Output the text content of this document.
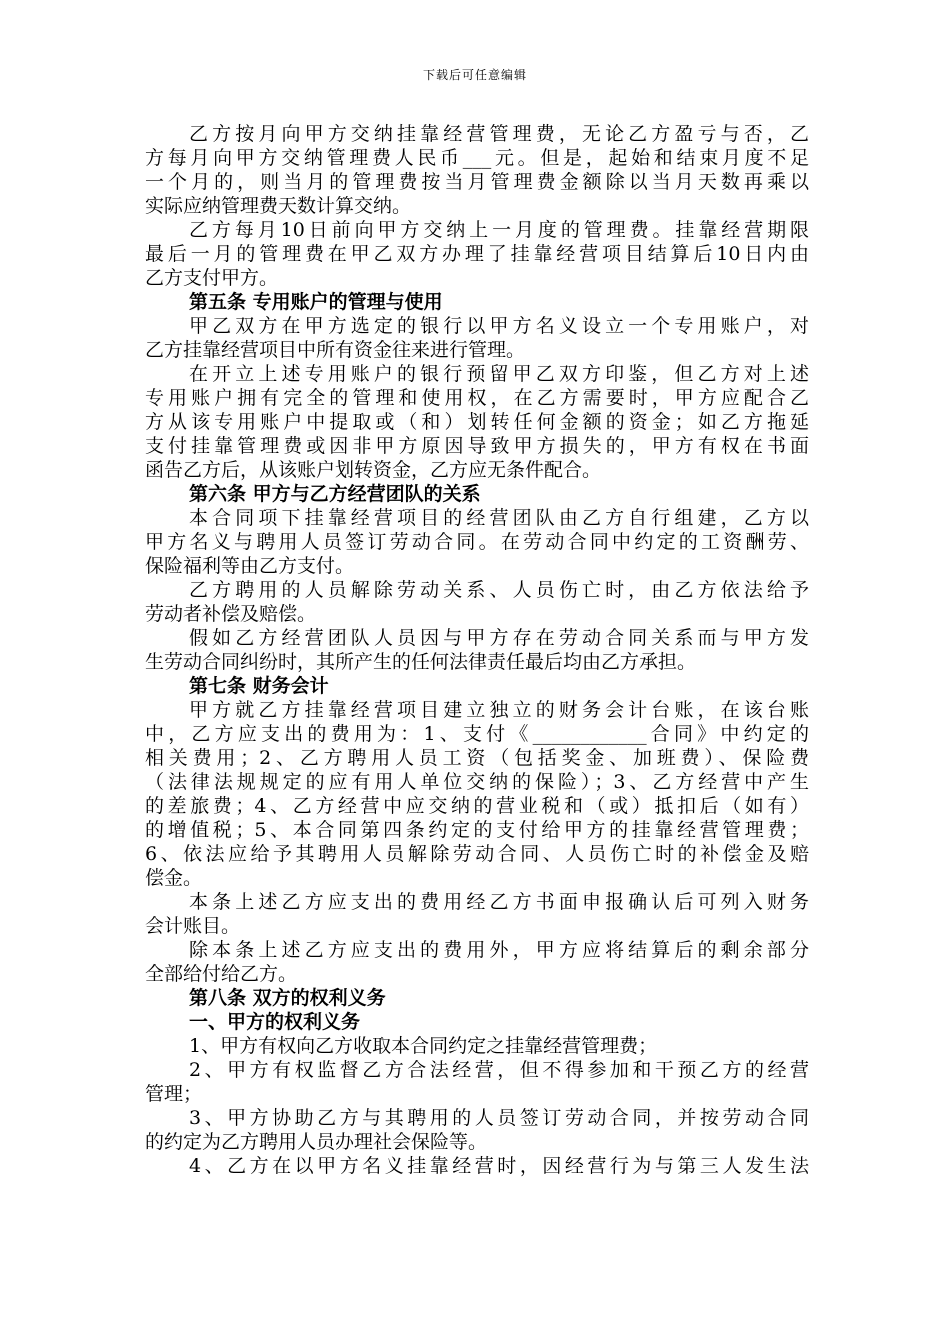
下载后可任意编辑
乙方按月向甲方交纳挂靠经营管理费，无论乙方盈亏与否，乙
方每月向甲方交纳管理费人民币___元。但是，起始和结束月度不足
一个月的，则当月的管理费按当月管理费金额除以当月天数再乘以
实际应纳管理费天数计算交纳。
乙方每月10日前向甲方交纳上一月度的管理费。挂靠经营期限
最后一月的管理费在甲乙双方办理了挂靠经营项目结算后10日内由
乙方支付甲方。
第五条 专用账户的管理与使用
甲乙双方在甲方选定的银行以甲方名义设立一个专用账户，对
乙方挂靠经营项目中所有资金往来进行管理。
在开立上述专用账户的银行预留甲乙双方印鉴，但乙方对上述
专用账户拥有完全的管理和使用权，在乙方需要时，甲方应配合乙
方从该专用账户中提取或（和）划转任何金额的资金；如乙方拖延
支付挂靠管理费或因非甲方原因导致甲方损失的，甲方有权在书面
函告乙方后，从该账户划转资金，乙方应无条件配合。
第六条 甲方与乙方经营团队的关系
本合同项下挂靠经营项目的经营团队由乙方自行组建，乙方以
甲方名义与聘用人员签订劳动合同。在劳动合同中约定的工资酬劳、
保险福利等由乙方支付。
乙方聘用的人员解除劳动关系、人员伤亡时，由乙方依法给予
劳动者补偿及赔偿。
假如乙方经营团队人员因与甲方存在劳动合同关系而与甲方发
生劳动合同纠纷时，其所产生的任何法律责任最后均由乙方承担。
第七条 财务会计
甲方就乙方挂靠经营项目建立独立的财务会计台账，在该台账
中，乙方应支出的费用为：1、支付《____________合同》中约定的
相关费用；2、乙方聘用人员工资（包括奖金、加班费）、保险费
（法律法规规定的应有用人单位交纳的保险）；3、乙方经营中产生
的差旅费；4、乙方经营中应交纳的营业税和（或）抵扣后（如有）
的增值税；5、本合同第四条约定的支付给甲方的挂靠经营管理费；
6、依法应给予其聘用人员解除劳动合同、人员伤亡时的补偿金及赔
偿金。
本条上述乙方应支出的费用经乙方书面申报确认后可列入财务
会计账目。
除本条上述乙方应支出的费用外，甲方应将结算后的剩余部分
全部给付给乙方。
第八条 双方的权利义务
一、甲方的权利义务
1、甲方有权向乙方收取本合同约定之挂靠经营管理费；
2、甲方有权监督乙方合法经营，但不得参加和干预乙方的经营
管理；
3、甲方协助乙方与其聘用的人员签订劳动合同，并按劳动合同
的约定为乙方聘用人员办理社会保险等。
4、乙方在以甲方名义挂靠经营时，因经营行为与第三人发生法
